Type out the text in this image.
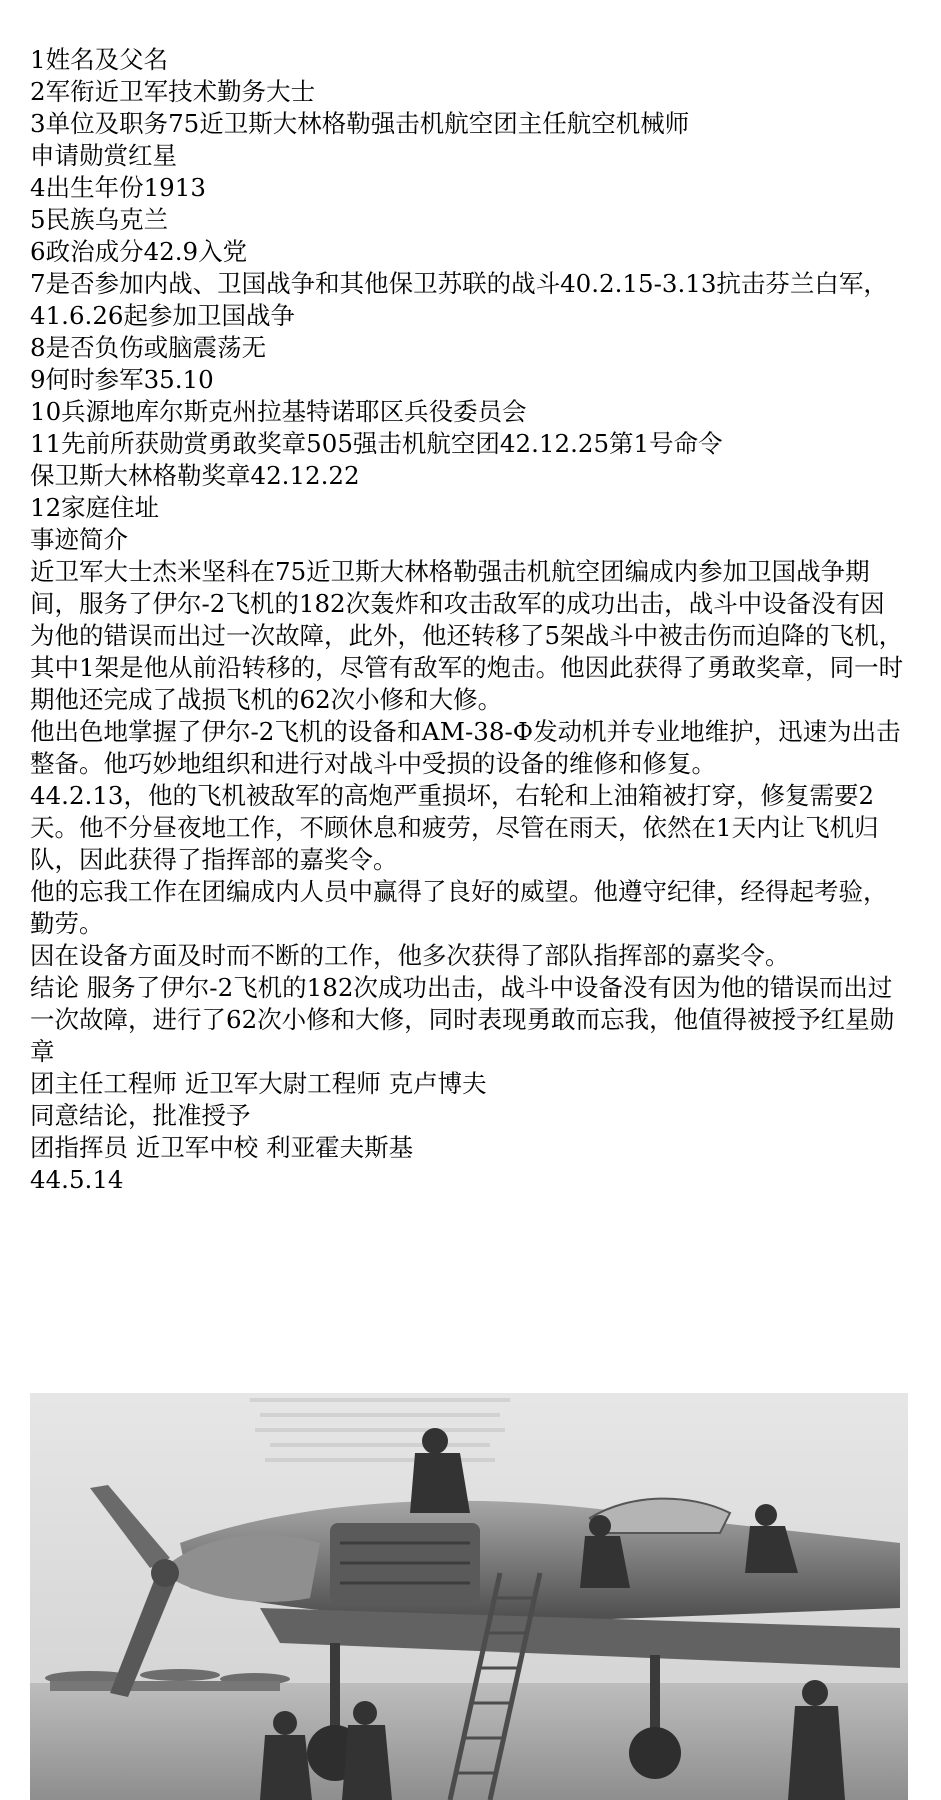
1姓名及父名

2军衔近卫军技术勤务大士

3单位及职务75近卫斯大林格勒强击机航空团主任航空机械师

申请勋赏红星

4出生年份1913

5民族乌克兰

6政治成分42.9入党

7是否参加内战、卫国战争和其他保卫苏联的战斗40.2.15-3.13抗击芬兰白军，41.6.26起参加卫国战争

8是否负伤或脑震荡无

9何时参军35.10

10兵源地库尔斯克州拉基特诺耶区兵役委员会

11先前所获勋赏勇敢奖章505强击机航空团42.12.25第1号命令

保卫斯大林格勒奖章42.12.22

12家庭住址

事迹简介

近卫军大士杰米坚科在75近卫斯大林格勒强击机航空团编成内参加卫国战争期间，服务了伊尔-2飞机的182次轰炸和攻击敌军的成功出击，战斗中设备没有因为他的错误而出过一次故障，此外，他还转移了5架战斗中被击伤而迫降的飞机，其中1架是他从前沿转移的，尽管有敌军的炮击。他因此获得了勇敢奖章，同一时期他还完成了战损飞机的62次小修和大修。

他出色地掌握了伊尔-2飞机的设备和АМ-38-Ф发动机并专业地维护，迅速为出击整备。他巧妙地组织和进行对战斗中受损的设备的维修和修复。

44.2.13，他的飞机被敌军的高炮严重损坏，右轮和上油箱被打穿，修复需要2天。他不分昼夜地工作，不顾休息和疲劳，尽管在雨天，依然在1天内让飞机归队，因此获得了指挥部的嘉奖令。

他的忘我工作在团编成内人员中赢得了良好的威望。他遵守纪律，经得起考验，勤劳。

因在设备方面及时而不断的工作，他多次获得了部队指挥部的嘉奖令。

结论 服务了伊尔-2飞机的182次成功出击，战斗中设备没有因为他的错误而出过一次故障，进行了62次小修和大修，同时表现勇敢而忘我，他值得被授予红星勋章

团主任工程师 近卫军大尉工程师 克卢博夫

同意结论，批准授予

团指挥员 近卫军中校 利亚霍夫斯基

44.5.14
